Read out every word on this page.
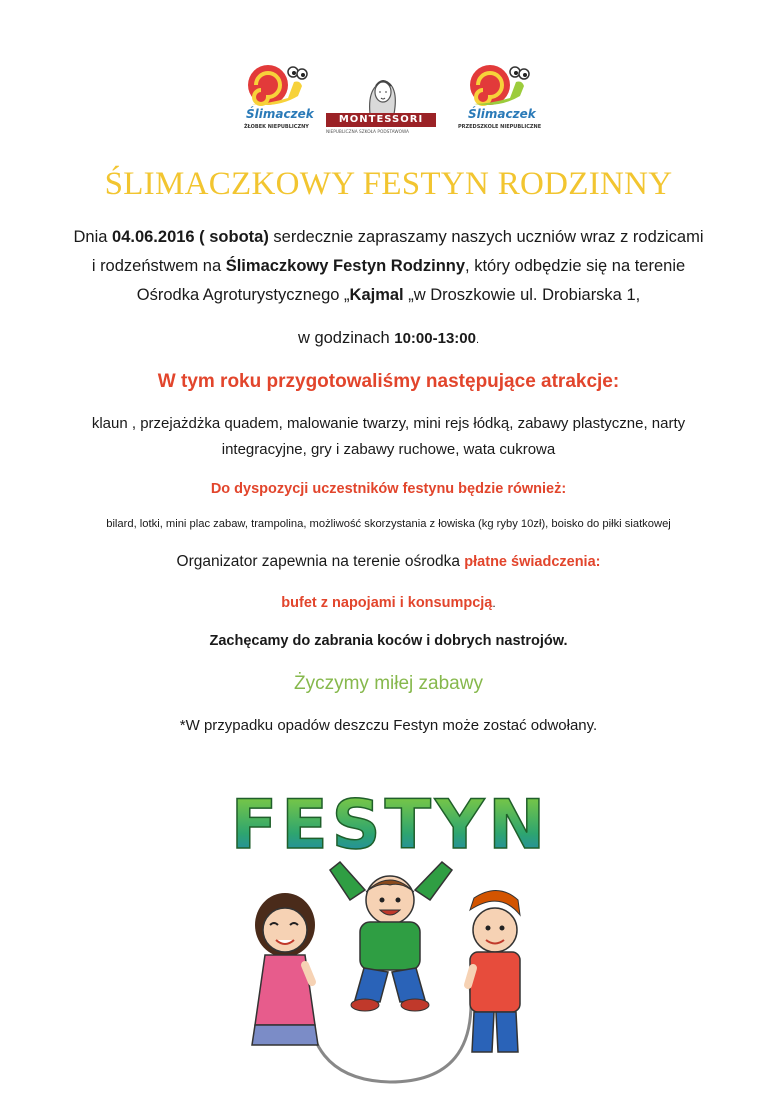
Ślimaczek
ŻŁOBEK NIEPUBLICZNY
MONTESSORI
NIEPUBLICZNA SZKOŁA PODSTAWOWA
Ślimaczek
PRZEDSZKOLE NIEPUBLICZNE
ŚLIMACZKOWY FESTYN RODZINNY
Dnia 04.06.2016 ( sobota) serdecznie zapraszamy naszych uczniów wraz z rodzicami
i rodzeństwem na Ślimaczkowy Festyn Rodzinny, który odbędzie się na terenie
Ośrodka Agroturystycznego „Kajmal „w Droszkowie ul. Drobiarska 1,
w godzinach 10:00-13:00.
W tym roku przygotowaliśmy następujące atrakcje:
klaun , przejażdżka quadem, malowanie twarzy, mini rejs łódką, zabawy plastyczne, narty
integracyjne, gry i zabawy ruchowe, wata cukrowa
Do dyspozycji uczestników festynu będzie również:
bilard, lotki, mini plac zabaw, trampolina, możliwość skorzystania z łowiska (kg ryby 10zł), boisko do piłki siatkowej
Organizator zapewnia na terenie ośrodka płatne świadczenia:
bufet z napojami i konsumpcją.
Zachęcamy do zabrania koców i dobrych nastrojów.
Życzymy miłej zabawy
*W przypadku opadów deszczu Festyn może zostać odwołany.
FESTYN
